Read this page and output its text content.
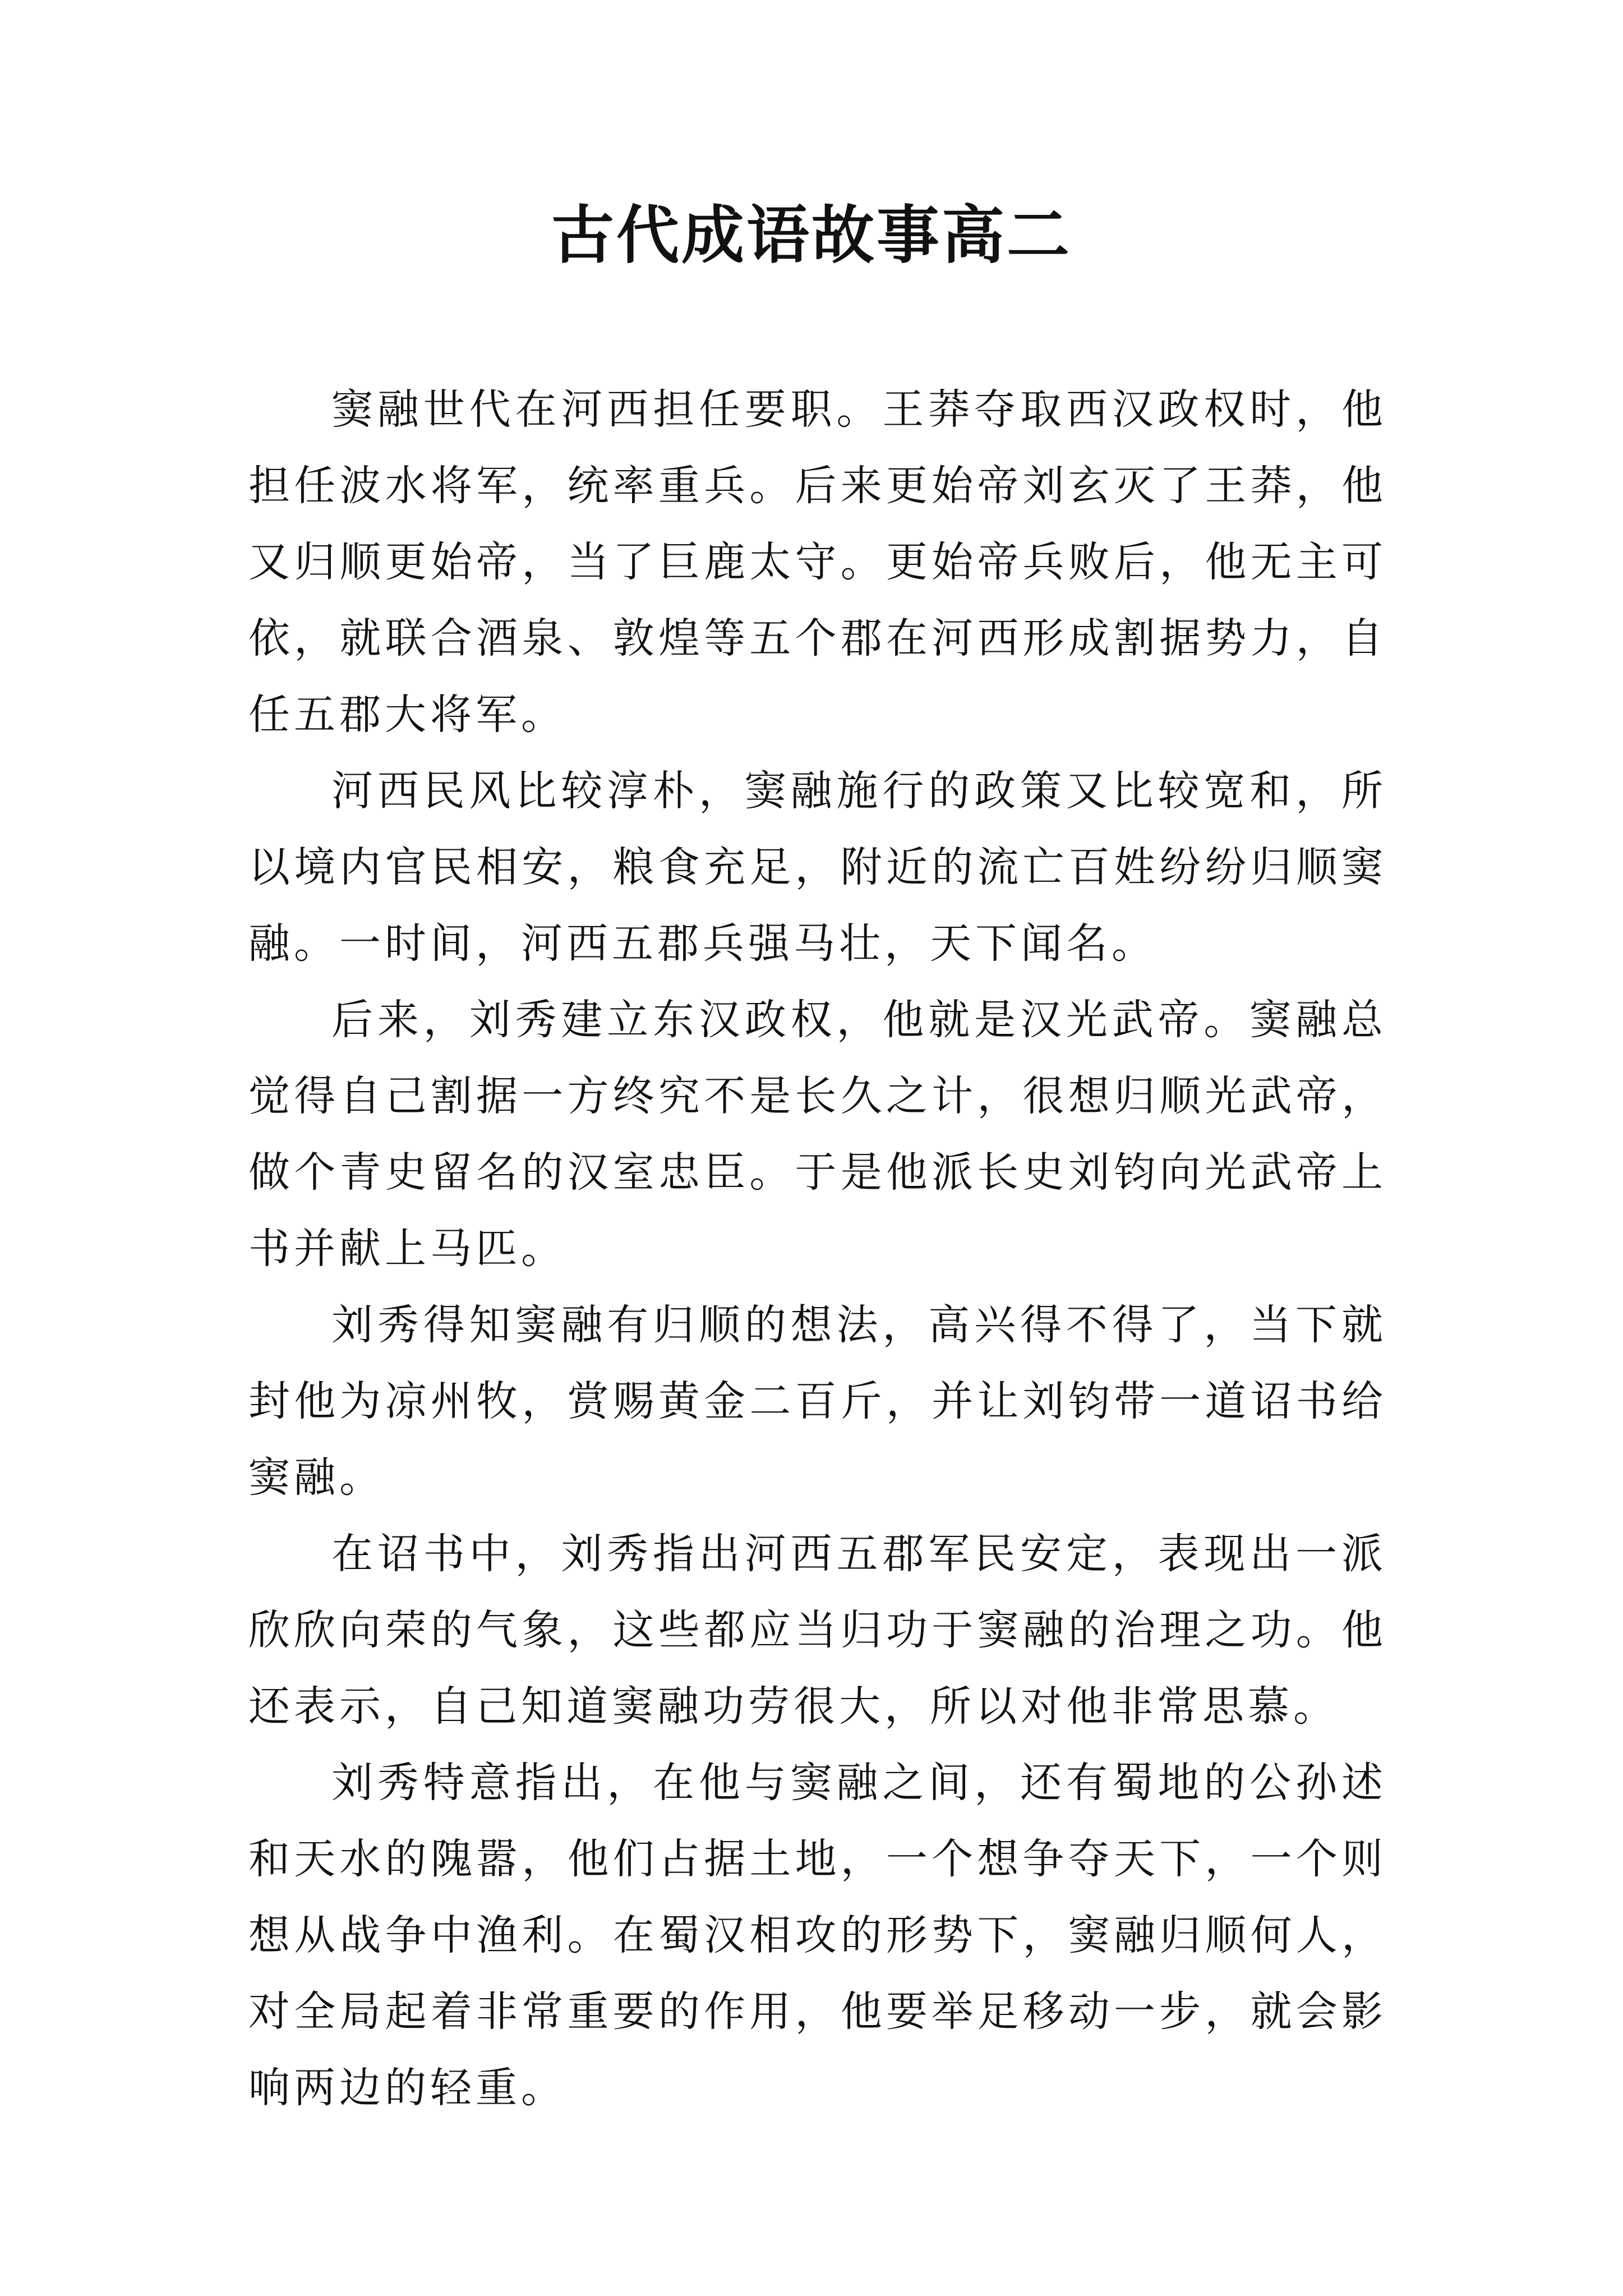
古代成语故事高二

窦融世代在河西担任要职。王莽夺取西汉政权时，他担任波水将军，统率重兵。后来更始帝刘玄灭了王莽，他又归顺更始帝，当了巨鹿太守。更始帝兵败后，他无主可依，就联合酒泉、敦煌等五个郡在河西形成割据势力，自任五郡大将军。

河西民风比较淳朴，窦融施行的政策又比较宽和，所以境内官民相安，粮食充足，附近的流亡百姓纷纷归顺窦融。一时间，河西五郡兵强马壮，天下闻名。

后来，刘秀建立东汉政权，他就是汉光武帝。窦融总觉得自己割据一方终究不是长久之计，很想归顺光武帝，做个青史留名的汉室忠臣。于是他派长史刘钧向光武帝上书并献上马匹。

刘秀得知窦融有归顺的想法，高兴得不得了，当下就封他为凉州牧，赏赐黄金二百斤，并让刘钧带一道诏书给窦融。

在诏书中，刘秀指出河西五郡军民安定，表现出一派欣欣向荣的气象，这些都应当归功于窦融的治理之功。他还表示，自己知道窦融功劳很大，所以对他非常思慕。

刘秀特意指出，在他与窦融之间，还有蜀地的公孙述和天水的隗嚣，他们占据土地，一个想争夺天下，一个则想从战争中渔利。在蜀汉相攻的形势下，窦融归顺何人，对全局起着非常重要的作用，他要举足移动一步，就会影响两边的轻重。
